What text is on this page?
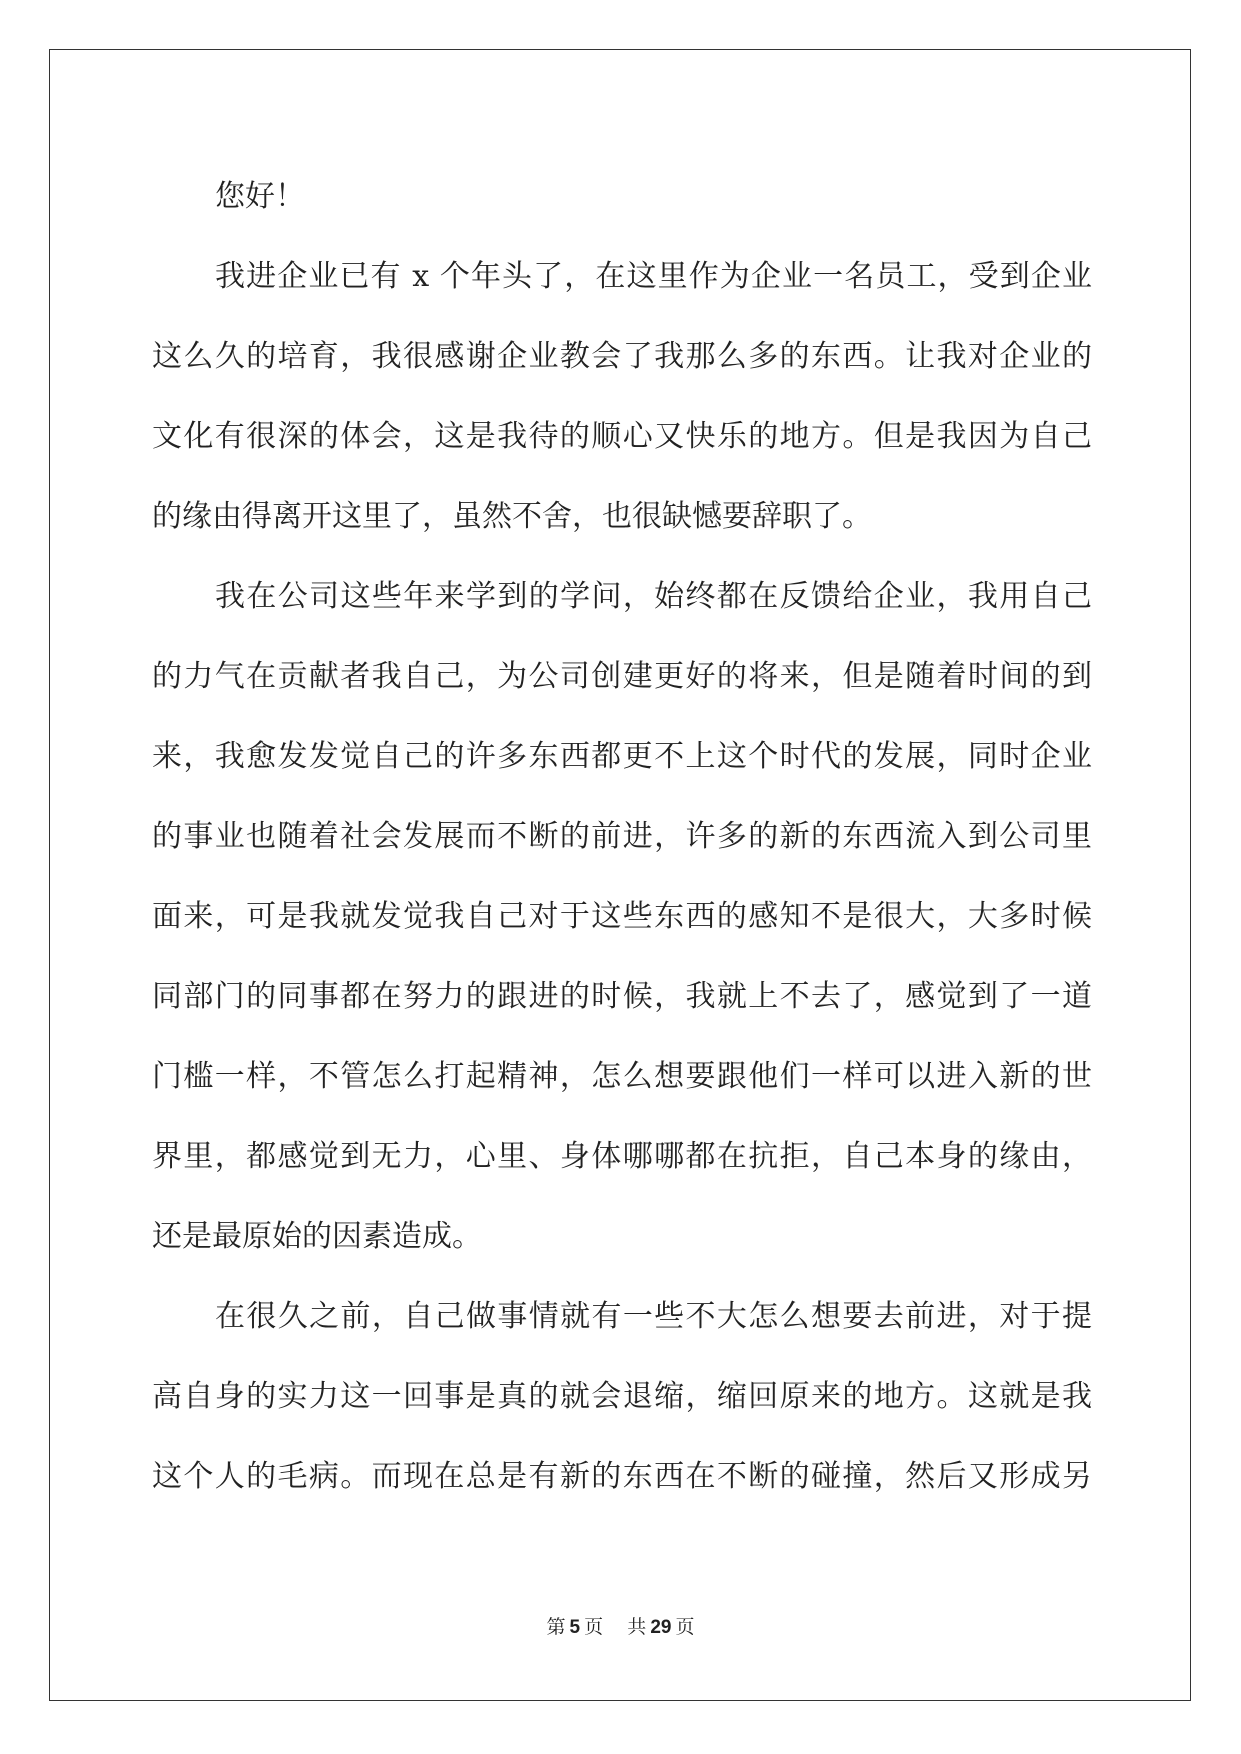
您好！
我进企业已有 x 个年头了，在这里作为企业一名员工，受到企业
这么久的培育，我很感谢企业教会了我那么多的东西。让我对企业的
文化有很深的体会，这是我待的顺心又快乐的地方。但是我因为自己
的缘由得离开这里了，虽然不舍，也很缺憾要辞职了。
我在公司这些年来学到的学问，始终都在反馈给企业，我用自己
的力气在贡献者我自己，为公司创建更好的将来，但是随着时间的到
来，我愈发发觉自己的许多东西都更不上这个时代的发展，同时企业
的事业也随着社会发展而不断的前进，许多的新的东西流入到公司里
面来，可是我就发觉我自己对于这些东西的感知不是很大，大多时候
同部门的同事都在努力的跟进的时候，我就上不去了，感觉到了一道
门槛一样，不管怎么打起精神，怎么想要跟他们一样可以进入新的世
界里，都感觉到无力，心里、身体哪哪都在抗拒，自己本身的缘由，
还是最原始的因素造成。
在很久之前，自己做事情就有一些不大怎么想要去前进，对于提
高自身的实力这一回事是真的就会退缩，缩回原来的地方。这就是我
这个人的毛病。而现在总是有新的东西在不断的碰撞，然后又形成另
第 5 页 共 29 页
